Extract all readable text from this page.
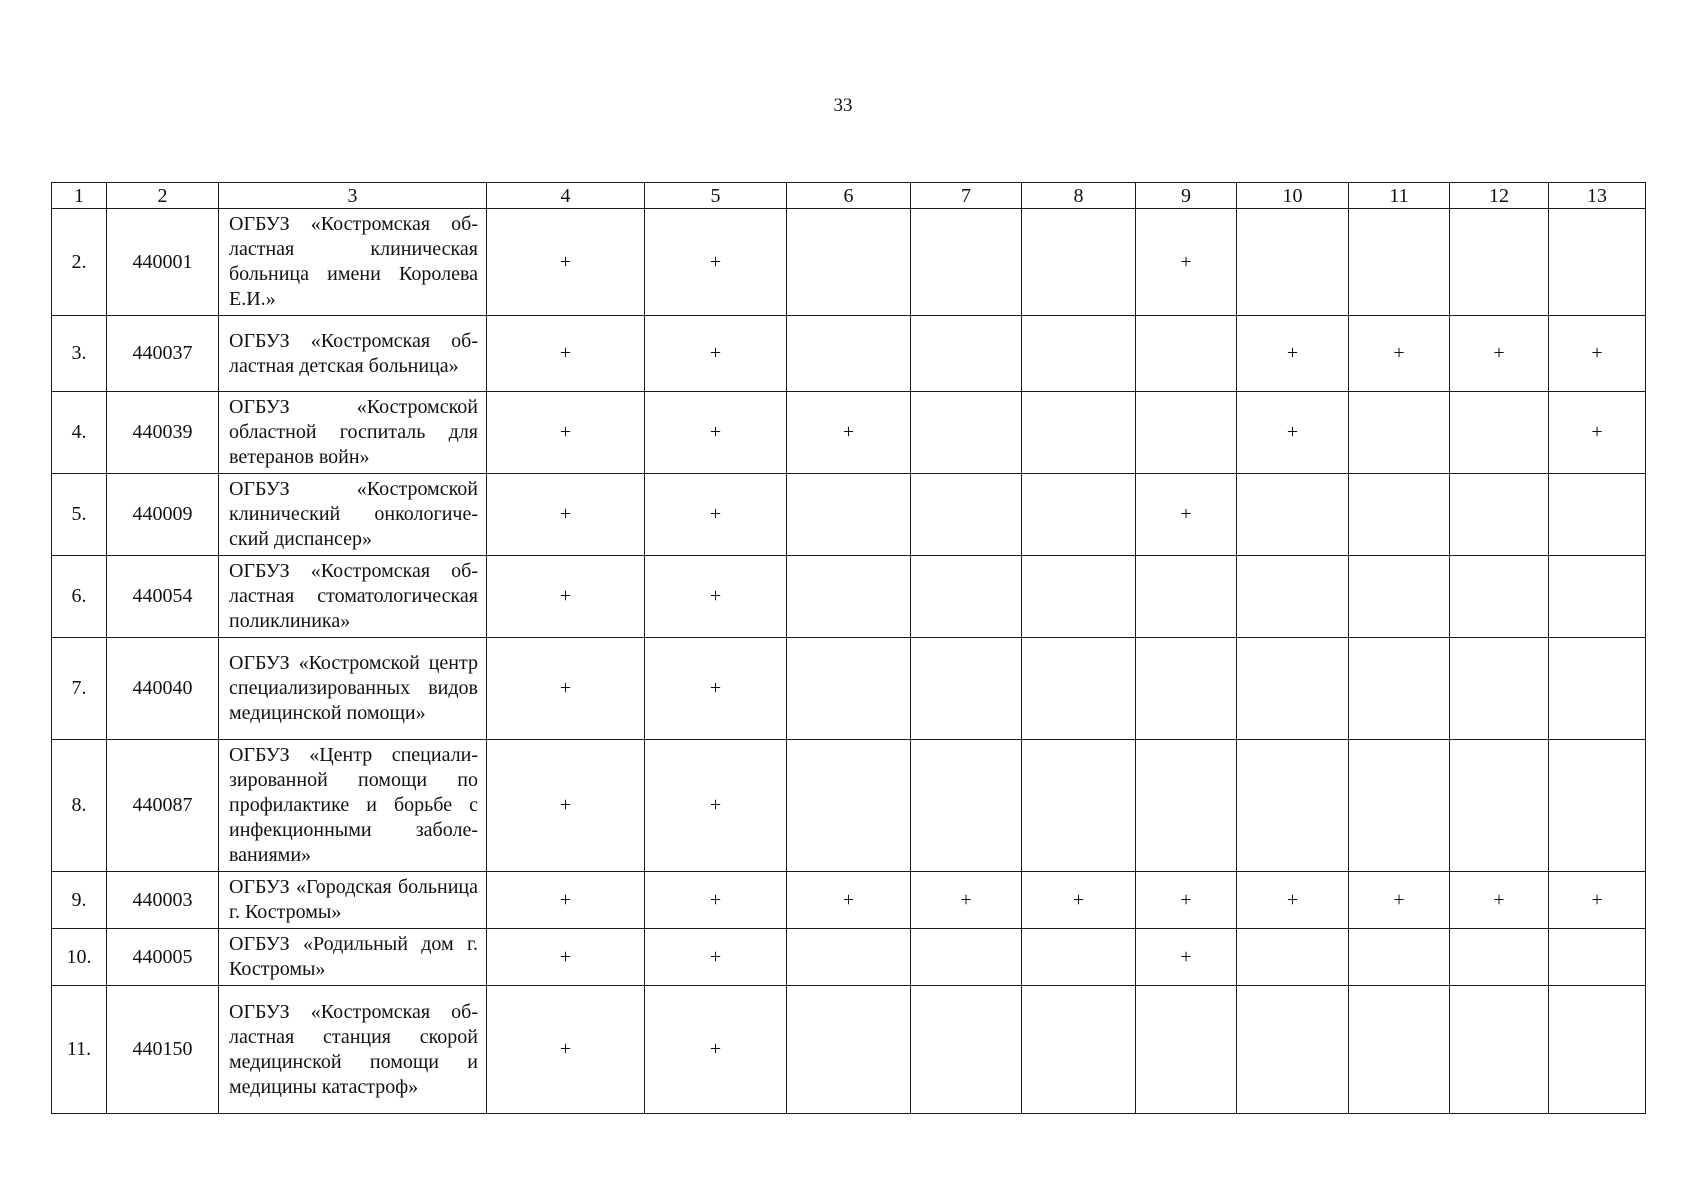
33
1	2	3	4	5	6	7	8	9	10	11	12	13
2.	440001	ОГБУЗ «Костромская областная клиническая больница имени Королева Е.И.»	+	+				+				
3.	440037	ОГБУЗ «Костромская областная детская больница»	+	+					+	+	+	+
4.	440039	ОГБУЗ «Костромской областной госпиталь для ветеранов войн»	+	+	+				+			+
5.	440009	ОГБУЗ «Костромской клинический онкологический диспансер»	+	+				+				
6.	440054	ОГБУЗ «Костромская областная стоматологическая поликлиника»	+	+								
7.	440040	ОГБУЗ «Костромской центр специализированных видов медицинской помощи»	+	+								
8.	440087	ОГБУЗ «Центр специализированной помощи по профилактике и борьбе с инфекционными заболеваниями»	+	+								
9.	440003	ОГБУЗ «Городская больница г. Костромы»	+	+	+	+	+	+	+	+	+	+
10.	440005	ОГБУЗ «Родильный дом г. Костромы»	+	+				+				
11.	440150	ОГБУЗ «Костромская областная станция скорой медицинской помощи и медицины катастроф»	+	+								
